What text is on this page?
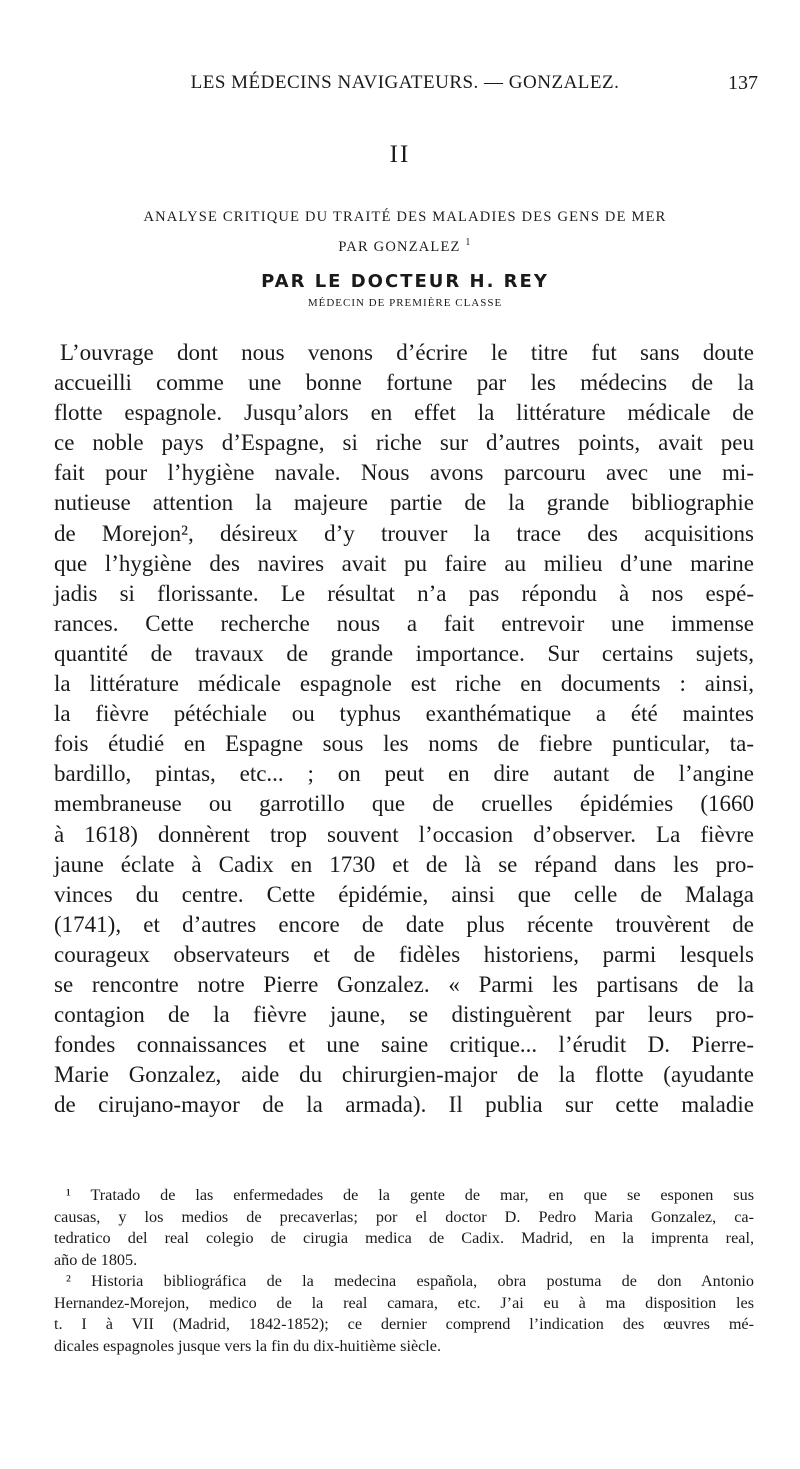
LES MÉDECINS NAVIGATEURS. — GONZALEZ.	137
II
ANALYSE CRITIQUE DU TRAITÉ DES MALADIES DES GENS DE MER
PAR GONZALEZ $^1$
PAR LE DOCTEUR H. REY
MÉDECIN DE PREMIÈRE CLASSE
L’ouvrage dont nous venons d’écrire le titre fut sans doute
accueilli comme une bonne fortune par les médecins de la
flotte espagnole. Jusqu’alors en effet la littérature médicale de
ce noble pays d’Espagne, si riche sur d’autres points, avait peu
fait pour l’hygiène navale. Nous avons parcouru avec une mi-
nutieuse attention la majeure partie de la grande bibliographie
de Morejon², désireux d’y trouver la trace des acquisitions
que l’hygiène des navires avait pu faire au milieu d’une marine
jadis si florissante. Le résultat n’a pas répondu à nos espé-
rances. Cette recherche nous a fait entrevoir une immense
quantité de travaux de grande importance. Sur certains sujets,
la littérature médicale espagnole est riche en documents : ainsi,
la fièvre pétéchiale ou typhus exanthématique a été maintes
fois étudié en Espagne sous les noms de fiebre punticular, ta-
bardillo, pintas, etc... ; on peut en dire autant de l’angine
membraneuse ou garrotillo que de cruelles épidémies (1660
à 1618) donnèrent trop souvent l’occasion d’observer. La fièvre
jaune éclate à Cadix en 1730 et de là se répand dans les pro-
vinces du centre. Cette épidémie, ainsi que celle de Malaga
(1741), et d’autres encore de date plus récente trouvèrent de
courageux observateurs et de fidèles historiens, parmi lesquels
se rencontre notre Pierre Gonzalez. « Parmi les partisans de la
contagion de la fièvre jaune, se distinguèrent par leurs pro-
fondes connaissances et une saine critique... l’érudit D. Pierre-
Marie Gonzalez, aide du chirurgien-major de la flotte (ayudante
de cirujano-mayor de la armada). Il publia sur cette maladie
¹ Tratado de las enfermedades de la gente de mar, en que se esponen sus
causas, y los medios de precaverlas; por el doctor D. Pedro Maria Gonzalez, ca-
tedratico del real colegio de cirugia medica de Cadix. Madrid, en la imprenta real,
año de 1805.
² Historia bibliográfica de la medecina española, obra postuma de don Antonio
Hernandez-Morejon, medico de la real camara, etc. J’ai eu à ma disposition les
t. I à VII (Madrid, 1842-1852); ce dernier comprend l’indication des œuvres mé-
dicales espagnoles jusque vers la fin du dix-huitième siècle.
